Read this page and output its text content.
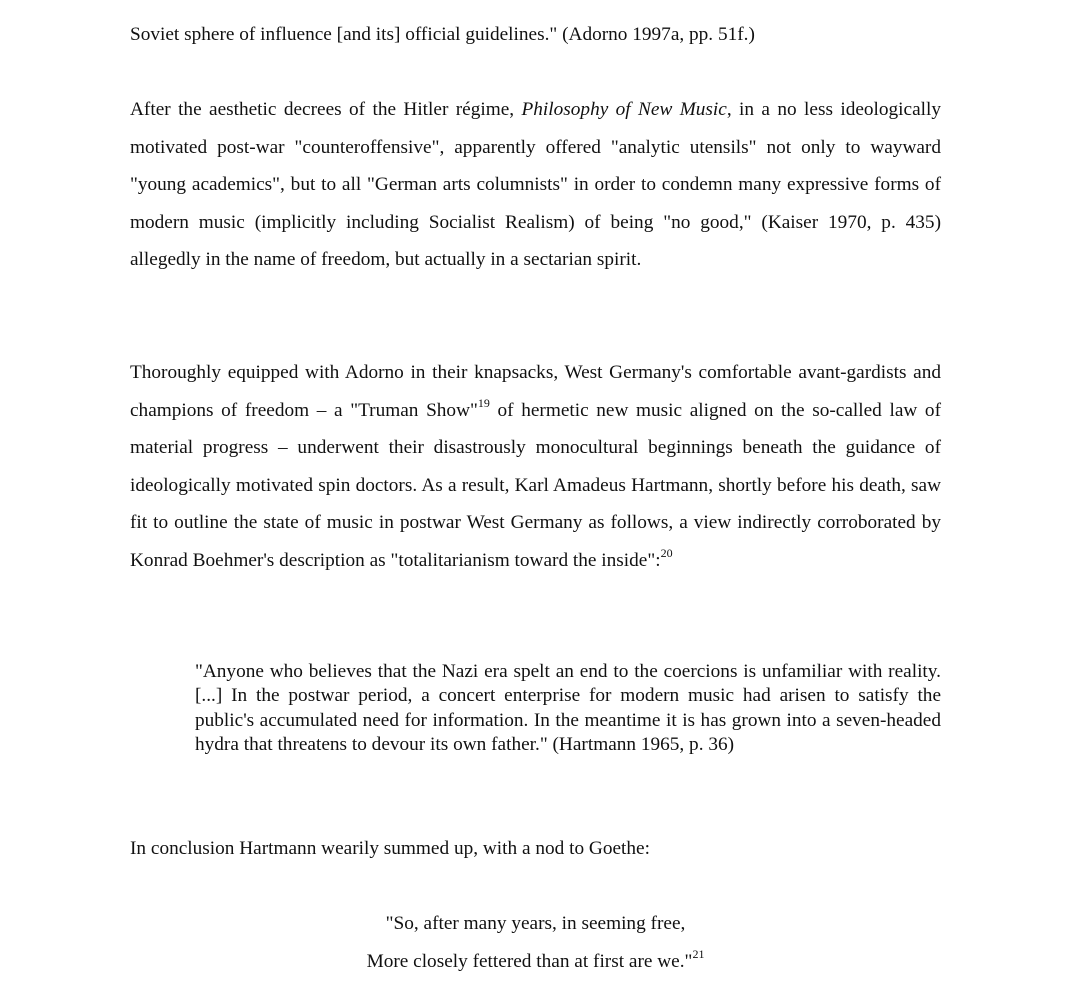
Soviet sphere of influence [and its] official guidelines." (Adorno 1997a, pp. 51f.)

After the aesthetic decrees of the Hitler régime, Philosophy of New Music, in a no less ideologically motivated post-war "counteroffensive", apparently offered "analytic utensils" not only to wayward "young academics", but to all "German arts columnists" in order to condemn many expressive forms of modern music (implicitly including Socialist Realism) of being "no good," (Kaiser 1970, p. 435) allegedly in the name of freedom, but actually in a sectarian spirit.

Thoroughly equipped with Adorno in their knapsacks, West Germany's comfortable avant-gardists and champions of freedom – a "Truman Show"$^{19}$ of hermetic new music aligned on the so-called law of material progress – underwent their disastrously monocultural beginnings beneath the guidance of ideologically motivated spin doctors. As a result, Karl Amadeus Hartmann, shortly before his death, saw fit to outline the state of music in postwar West Germany as follows, a view indirectly corroborated by Konrad Boehmer's description as "totalitarianism toward the inside":$^{20}$

"Anyone who believes that the Nazi era spelt an end to the coercions is unfamiliar with reality. [...] In the postwar period, a concert enterprise for modern music had arisen to satisfy the public's accumulated need for information. In the meantime it is has grown into a seven-headed hydra that threatens to devour its own father." (Hartmann 1965, p. 36)

In conclusion Hartmann wearily summed up, with a nod to Goethe:

"So, after many years, in seeming free,
More closely fettered than at first are we."$^{21}$
